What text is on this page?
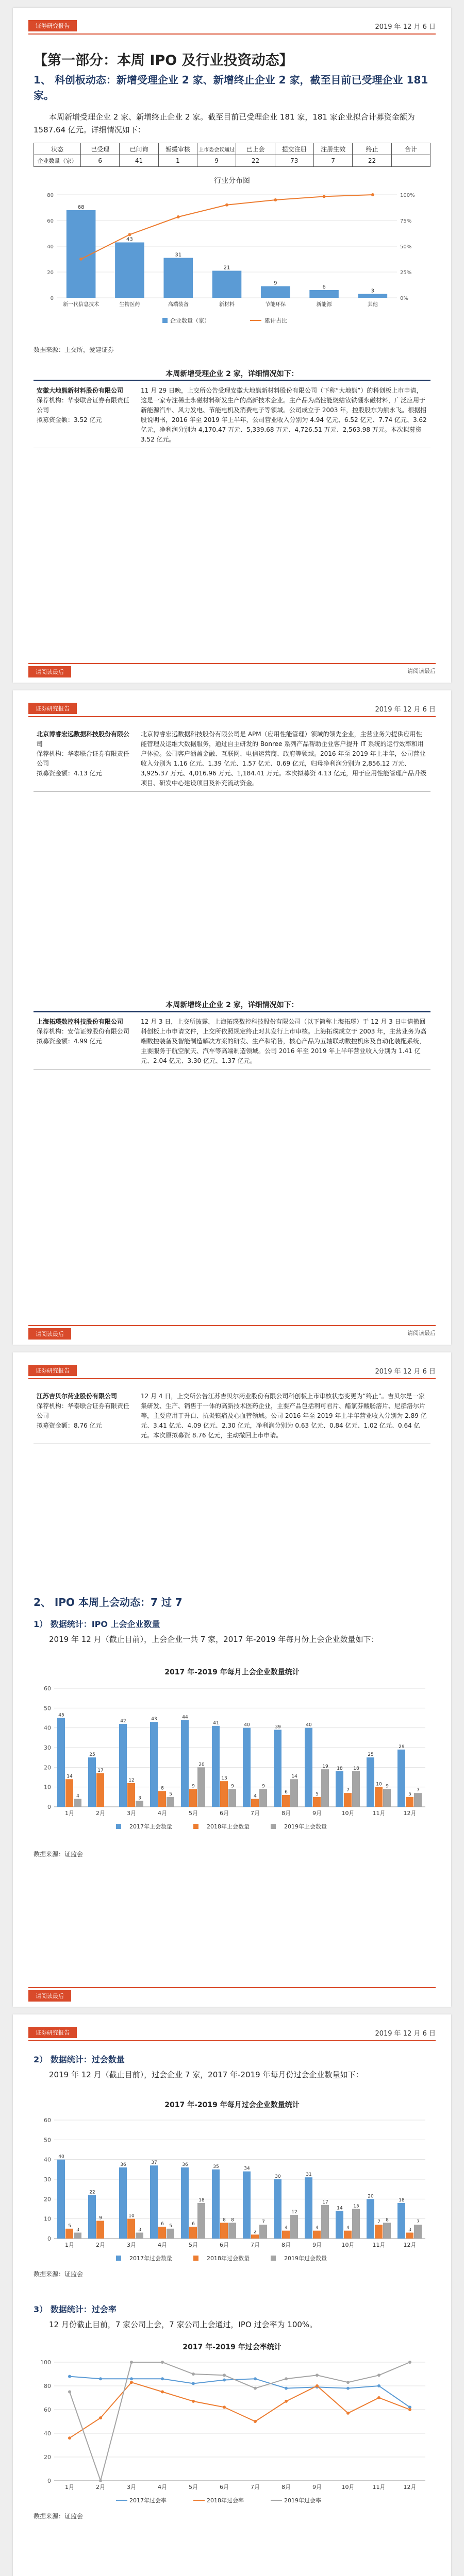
证券研究报告	2019 年 12 月 6 日
【第一部分：本周 IPO 及行业投资动态】
1、 科创板动态：新增受理企业 2 家、新增终止企业 2 家，截至目前已受理企业 181 家。
本周新增受理企业 2 家、新增终止企业 2 家。截至目前已受理企业 181 家，181 家企业拟合计募资金额为 1587.64 亿元。详细情况如下：
状态	已受理	已问询	暂缓审核	上市委会议通过	已上会	提交注册	注册生效	终止	合计
企业数量（家）	6	41	1	9	22	73	7	22	
行业分布图
0	0%
20	25%
40	50%
60	75%
80	100%
68
43
31
21
9
6
3
新一代信息技术	生物医药	高端装备	新材料	节能环保	新能源	其他
企业数量（家）	累计占比
数据来源：上交所，爱建证券
本周新增受理企业 2 家，详细情况如下：
安徽大地熊新材料股份有限公司
保荐机构：华泰联合证券有限责任公司
拟募资金额：3.52 亿元	11 月 29 日晚，上交所公告受理安徽大地熊新材料股份有限公司（下称“大地熊”）的科创板上市申请，这是一家专注稀土永磁材料研发生产的高新技术企业。主产品为高性能烧结钕铁硼永磁材料，广泛应用于新能源汽车、风力发电、节能电机及消费电子等领域。公司成立于 2003 年，控股股东为熊永飞。根据招股说明书，2016 年至 2019 年上半年，公司营业收入分别为 4.94 亿元、6.52 亿元、7.74 亿元、3.62 亿元，净利润分别为 4,170.47 万元、5,339.68 万元、4,726.51 万元、2,563.98 万元。本次拟募资 3.52 亿元。
请阅读最后	请阅读最后
证券研究报告	2019 年 12 月 6 日
北京博睿宏远数据科技股份有限公司
保荐机构：华泰联合证券有限责任公司
拟募资金额：4.13 亿元	北京博睿宏远数据科技股份有限公司是 APM（应用性能管理）领域的领先企业，主营业务为提供应用性能管理及运维大数据服务，通过自主研发的 Bonree 系列产品帮助企业客户提升 IT 系统的运行效率和用户体验。公司客户涵盖金融、互联网、电信运营商、政府等领域。2016 年至 2019 年上半年，公司营业收入分别为 1.16 亿元、1.39 亿元、1.57 亿元、0.69 亿元，归母净利润分别为 2,856.12 万元、3,925.37 万元、4,016.96 万元、1,184.41 万元。本次拟募资 4.13 亿元，用于应用性能管理产品升级项目、研发中心建设项目及补充流动资金。
本周新增终止企业 2 家，详细情况如下：
上海拓璞数控科技股份有限公司
保荐机构：安信证券股份有限公司
拟募资金额：4.99 亿元	12 月 3 日，上交所披露，上海拓璞数控科技股份有限公司（以下简称上海拓璞）于 12 月 3 日申请撤回科创板上市申请文件，上交所依照规定终止对其发行上市审核。上海拓璞成立于 2003 年，主营业务为高端数控装备及智能制造解决方案的研发、生产和销售，核心产品为五轴联动数控机床及自动化装配系统，主要服务于航空航天、汽车等高端制造领域。公司 2016 年至 2019 年上半年营业收入分别为 1.41 亿元、2.04 亿元、3.30 亿元、1.37 亿元。
请阅读最后	请阅读最后
证券研究报告	2019 年 12 月 6 日
江苏吉贝尔药业股份有限公司
保荐机构：华泰联合证券有限责任公司
拟募资金额：8.76 亿元	12 月 4 日，上交所公告江苏吉贝尔药业股份有限公司科创板上市审核状态变更为“终止”。吉贝尔是一家集研发、生产、销售于一体的高新技术医药企业，主要产品包括利可君片、醋氯芬酸肠溶片、尼群洛尔片等，主要应用于升白、抗炎镇痛及心血管领域。公司 2016 年至 2019 年上半年营业收入分别为 2.89 亿元、3.41 亿元、4.09 亿元、2.30 亿元，净利润分别为 0.63 亿元、0.84 亿元、1.02 亿元、0.64 亿元。本次原拟募资 8.76 亿元，主动撤回上市申请。
2、 IPO 本周上会动态：7 过 7
1） 数据统计：IPO 上会企业数量
2019 年 12 月（截止目前），上会企业一共 7 家，2017 年-2019 年每月份上会企业数量如下：
2017 年-2019 年每月上会企业数量统计
0
10
20
30
40
50
60
45
25
42	43	44
41	40	39	40
18
25
29
14
17
12
8	9
13
4
6	5
7
10
5
4	3
5
20
9	9
14
19	18
9
7
1月	2月	3月	4月	5月	6月	7月	8月	9月	10月	11月	12月
2017年上会数量	2018年上会数量	2019年上会数量
数据来源：证监会
请阅读最后
证券研究报告	2019 年 12 月 6 日
2） 数据统计：过会数量
2019 年 12 月（截止目前），过会企业 7 家，2017 年-2019 年每月份过会企业数量如下：
2017 年-2019 年每月过会企业数量统计
0
10
20
30
40
50
60
40
22
36	37	36	35	34
30	31
14
20
18
5
9	10
6	6
8
2
4	4	4
7
3
3	3
5
18
8	7
12
17
15
8	7
1月	2月	3月	4月	5月	6月	7月	8月	9月	10月	11月	12月
2017年过会数量	2018年过会数量	2019年过会数量
数据来源：证监会
3） 数据统计：过会率
12 月份截止目前，7 家公司上会，7 家公司上会通过，IPO 过会率为 100%。
2017 年-2019 年过会率统计
0
20
40
60
80
100
1月	2月	3月	4月	5月	6月	7月	8月	9月	10月	11月	12月
2017年过会率	2018年过会率	2019年过会率
数据来源：证监会
